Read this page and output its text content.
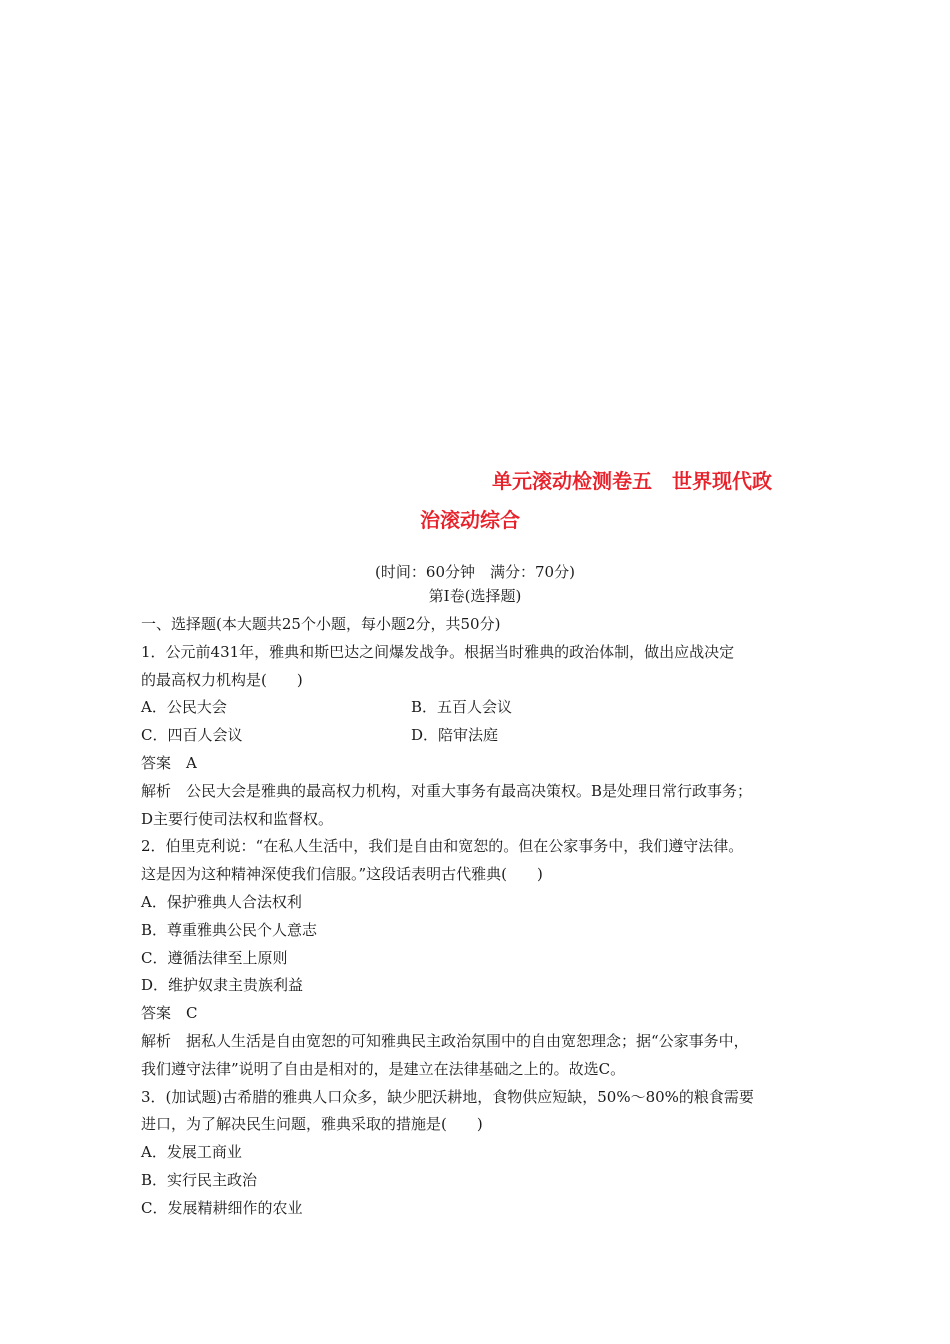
单元滚动检测卷五　世界现代政
治滚动综合
(时间：60分钟　满分：70分)
第Ⅰ卷(选择题)
一、选择题(本大题共25个小题，每小题2分，共50分)
1．公元前431年，雅典和斯巴达之间爆发战争。根据当时雅典的政治体制，做出应战决定
的最高权力机构是(　　)
A．公民大会	B．五百人会议
C．四百人会议	D．陪审法庭
答案　A
解析　公民大会是雅典的最高权力机构，对重大事务有最高决策权。B是处理日常行政事务；
D主要行使司法权和监督权。
2．伯里克利说：“在私人生活中，我们是自由和宽恕的。但在公家事务中，我们遵守法律。
这是因为这种精神深使我们信服。”这段话表明古代雅典(　　)
A．保护雅典人合法权利
B．尊重雅典公民个人意志
C．遵循法律至上原则
D．维护奴隶主贵族利益
答案　C
解析　据私人生活是自由宽恕的可知雅典民主政治氛围中的自由宽恕理念；据“公家事务中，
我们遵守法律”说明了自由是相对的，是建立在法律基础之上的。故选C。
3．(加试题)古希腊的雅典人口众多，缺少肥沃耕地，食物供应短缺，50%～80%的粮食需要
进口，为了解决民生问题，雅典采取的措施是(　　)
A．发展工商业
B．实行民主政治
C．发展精耕细作的农业
